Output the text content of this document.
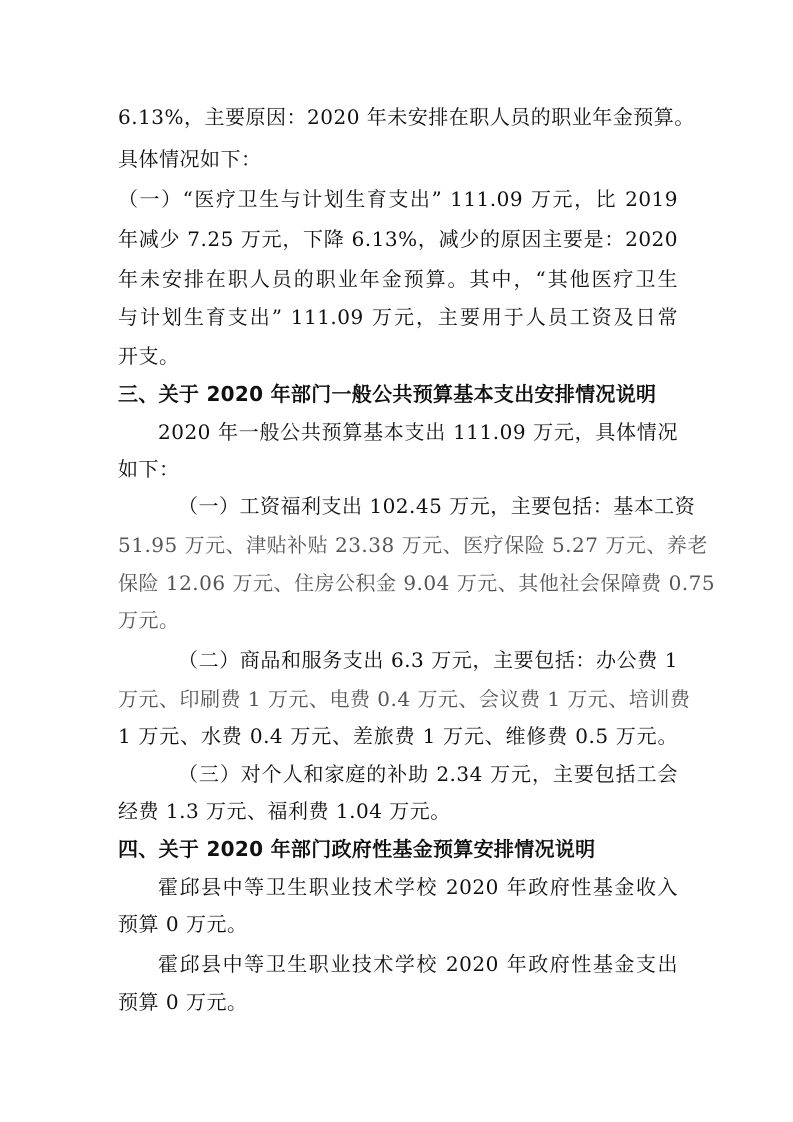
6.13%，主要原因：2020 年未安排在职人员的职业年金预算。
具体情况如下：
（一）“医疗卫生与计划生育支出” 111.09 万元，比 2019
年减少 7.25 万元，下降 6.13%，减少的原因主要是：2020
年未安排在职人员的职业年金预算。其中，“其他医疗卫生
与计划生育支出” 111.09 万元，主要用于人员工资及日常
开支。
三、关于 2020 年部门一般公共预算基本支出安排情况说明
2020 年一般公共预算基本支出 111.09 万元，具体情况
如下：
（一）工资福利支出 102.45 万元，主要包括：基本工资
51.95 万元、津贴补贴 23.38 万元、医疗保险 5.27 万元、养老
保险 12.06 万元、住房公积金 9.04 万元、其他社会保障费 0.75
万元。
（二）商品和服务支出 6.3 万元，主要包括：办公费 1
万元、印刷费 1 万元、电费 0.4 万元、会议费 1 万元、培训费
1 万元、水费 0.4 万元、差旅费 1 万元、维修费 0.5 万元。
（三）对个人和家庭的补助 2.34 万元，主要包括工会
经费 1.3 万元、福利费 1.04 万元。
四、关于 2020 年部门政府性基金预算安排情况说明
霍邱县中等卫生职业技术学校 2020 年政府性基金收入
预算 0 万元。
霍邱县中等卫生职业技术学校 2020 年政府性基金支出
预算 0 万元。
